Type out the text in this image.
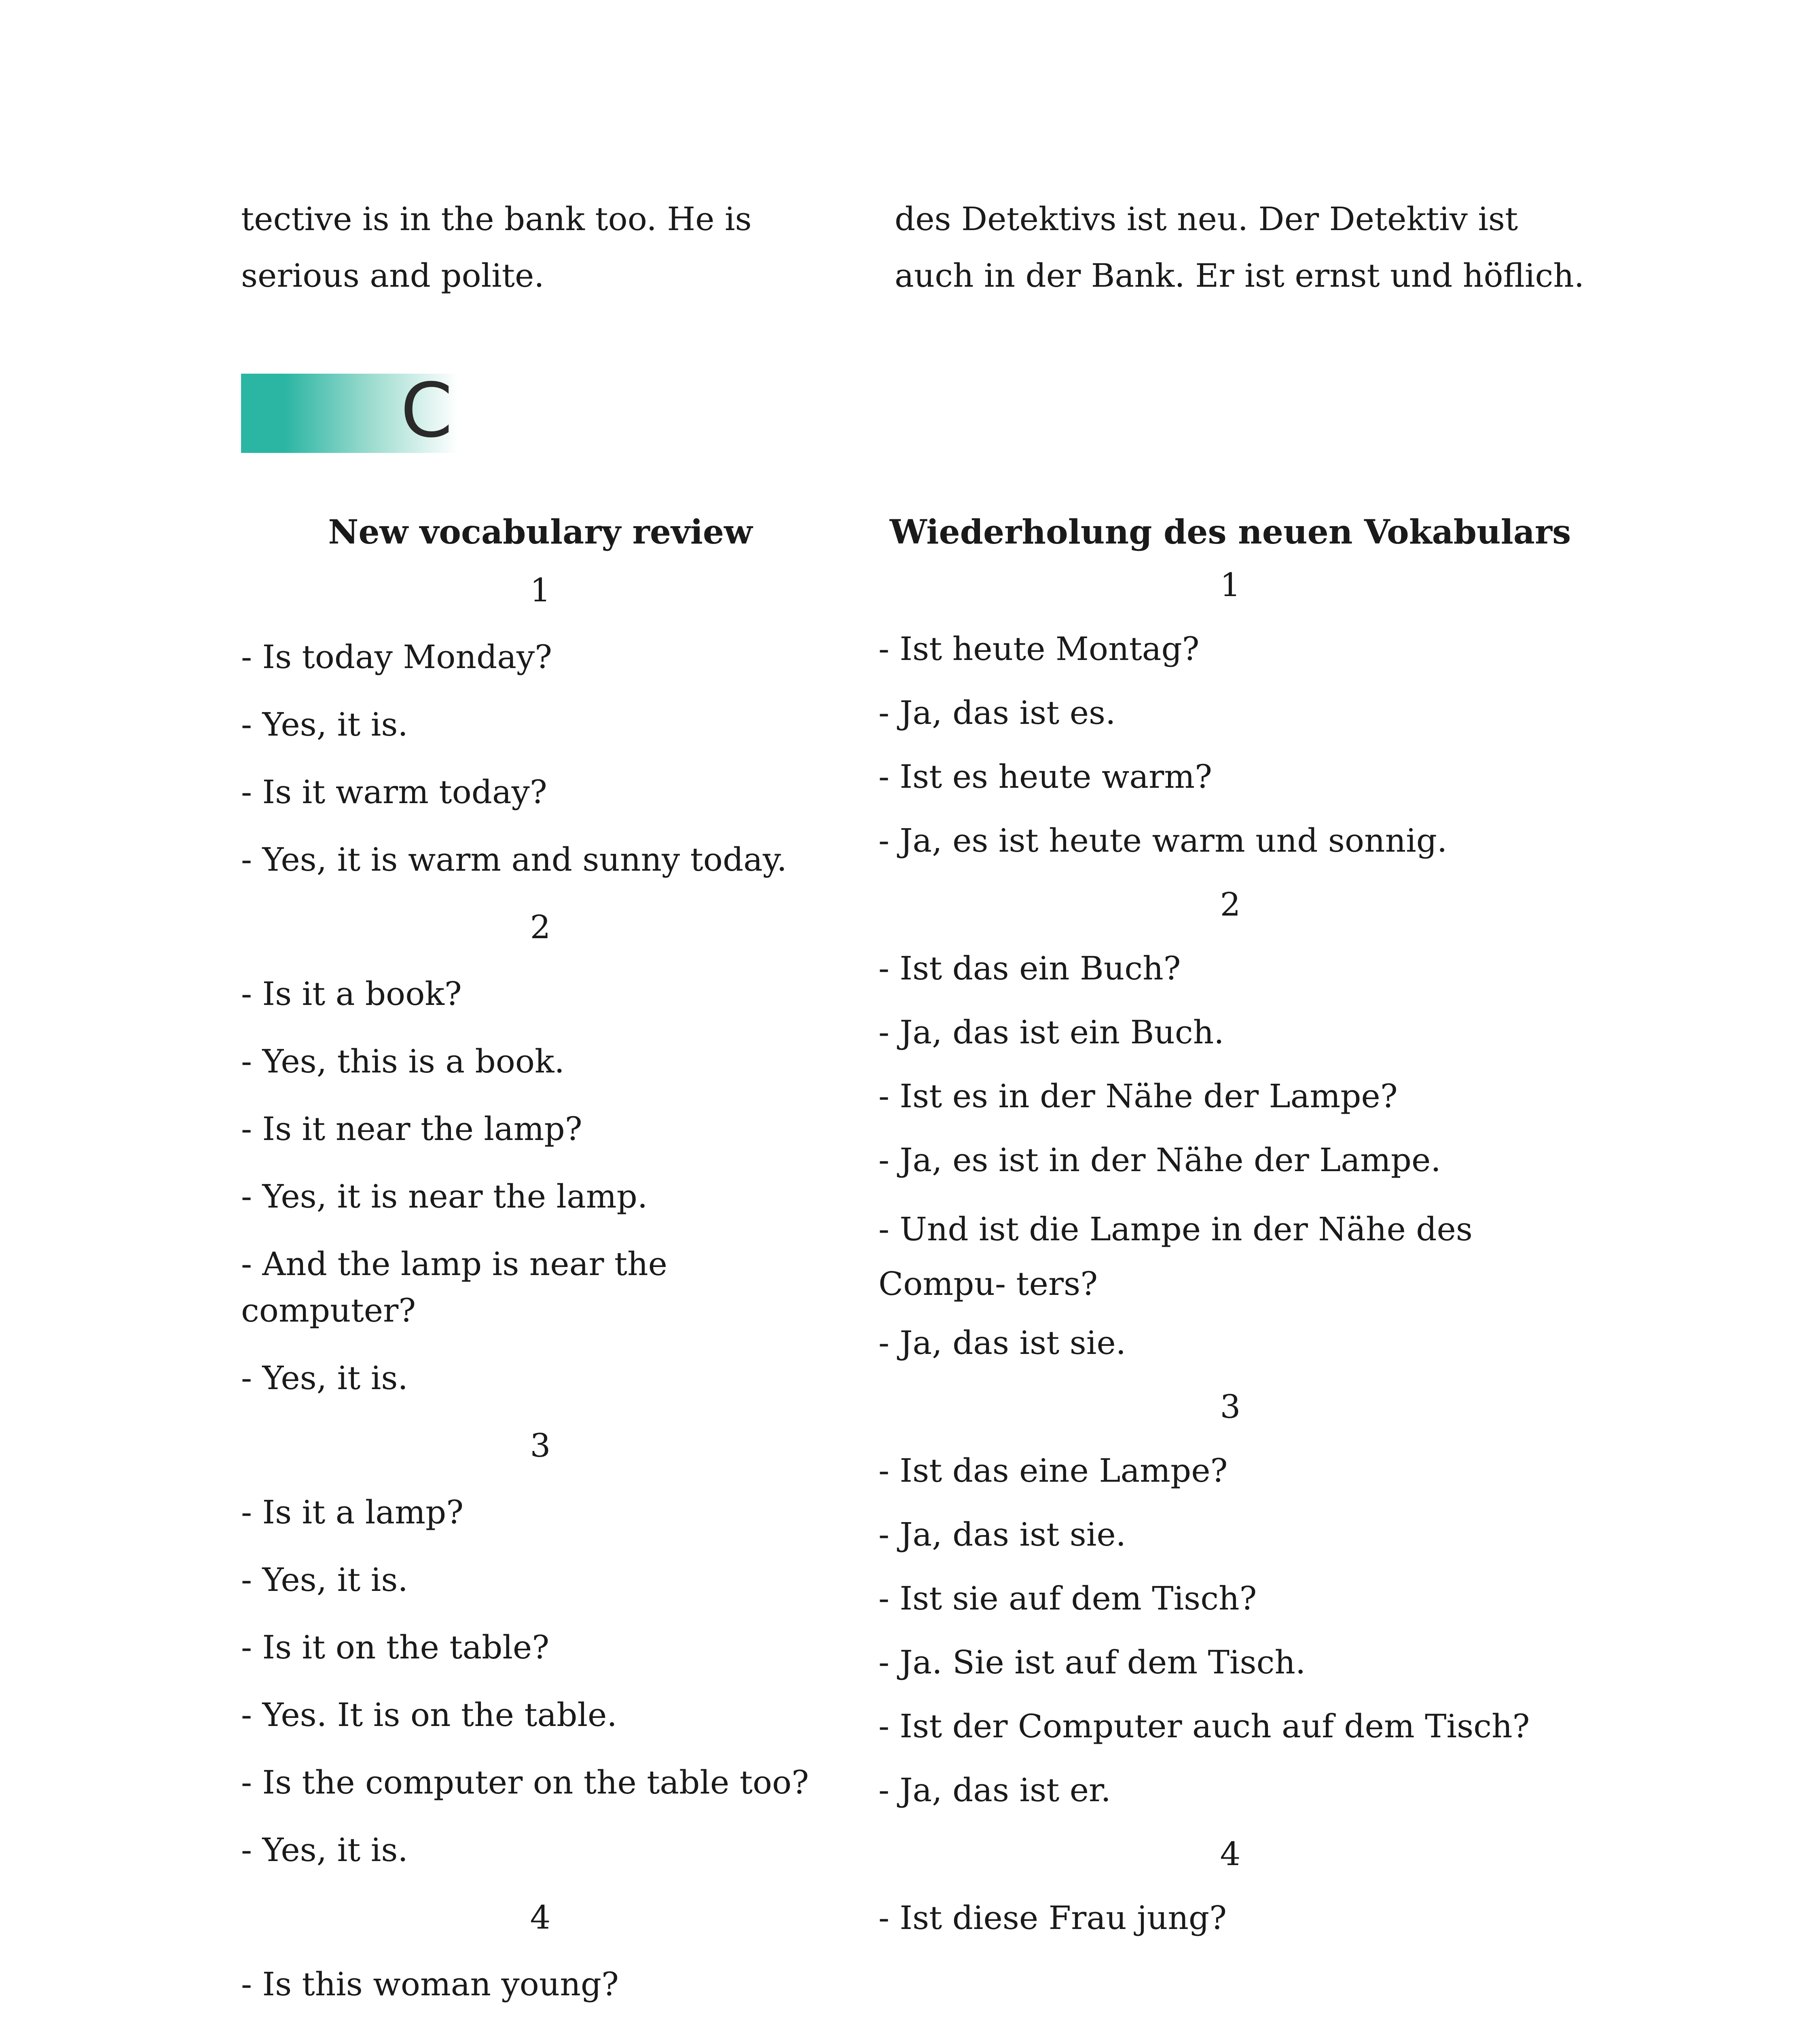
tective is in the bank too. He is serious and polite.
des Detektivs ist neu. Der Detektiv ist auch in der Bank. Er ist ernst und höflich.
C
New vocabulary review
1
- Is today Monday?
- Yes, it is.
- Is it warm today?
- Yes, it is warm and sunny today.
2
- Is it a book?
- Yes, this is a book.
- Is it near the lamp?
- Yes, it is near the lamp.
- And the lamp is near the computer?
- Yes, it is.
3
- Is it a lamp?
- Yes, it is.
- Is it on the table?
- Yes. It is on the table.
- Is the computer on the table too?
- Yes, it is.
4
- Is this woman young?
Wiederholung des neuen Vokabulars
1
- Ist heute Montag?
- Ja, das ist es.
- Ist es heute warm?
- Ja, es ist heute warm und sonnig.
2
- Ist das ein Buch?
- Ja, das ist ein Buch.
- Ist es in der Nähe der Lampe?
- Ja, es ist in der Nähe der Lampe.
- Und ist die Lampe in der Nähe des Compu- ters?
- Ja, das ist sie.
3
- Ist das eine Lampe?
- Ja, das ist sie.
- Ist sie auf dem Tisch?
- Ja. Sie ist auf dem Tisch.
- Ist der Computer auch auf dem Tisch?
- Ja, das ist er.
4
- Ist diese Frau jung?
